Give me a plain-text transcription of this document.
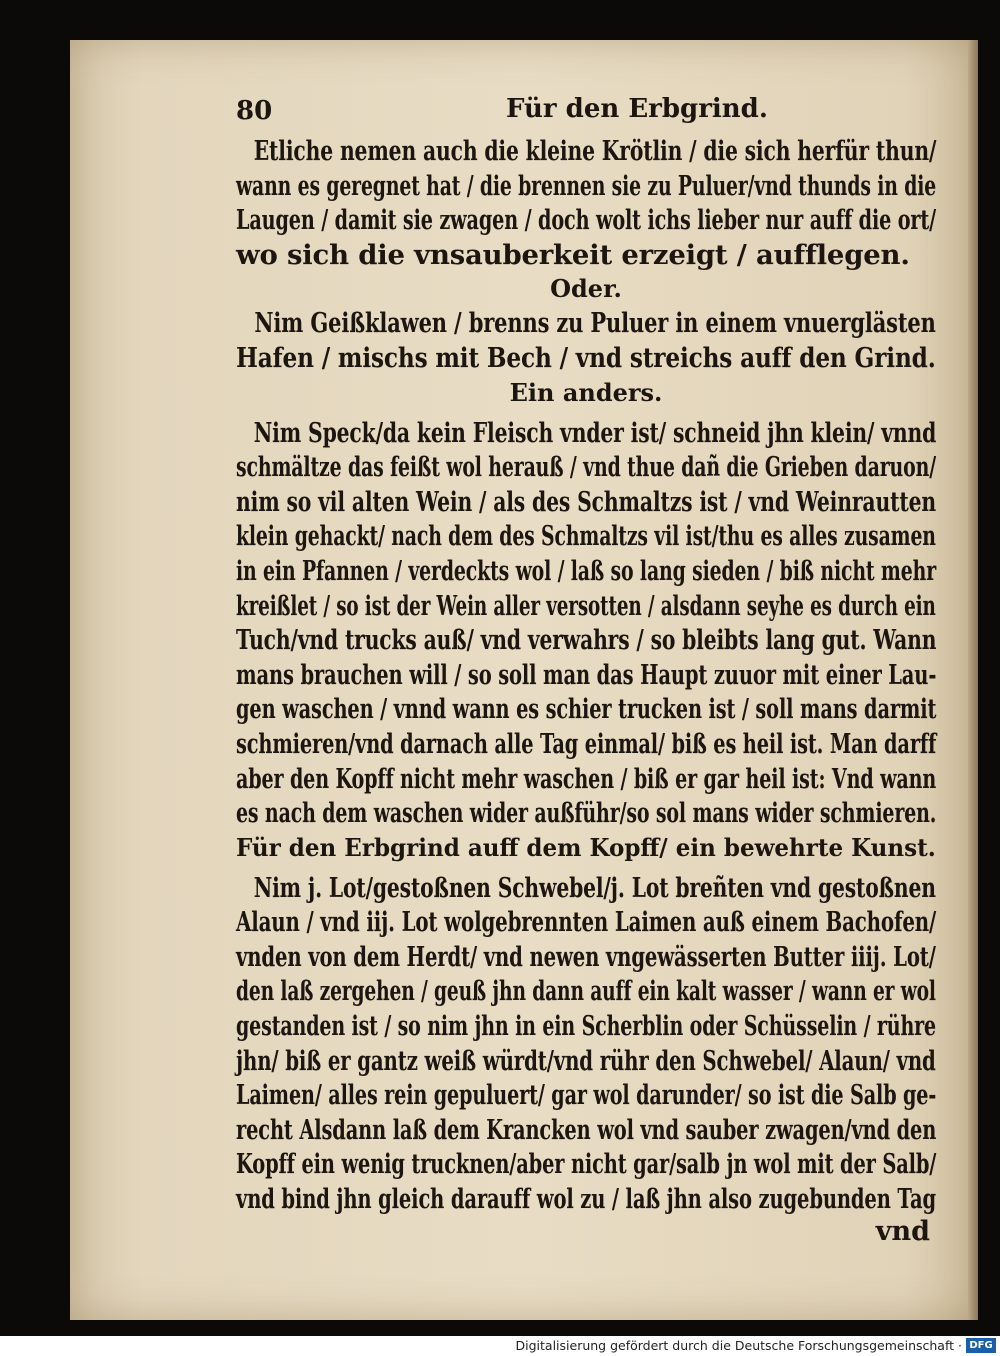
80	Für den Erbgrind.
Etliche nemen auch die kleine Krötlin / die sich herfür thun/
wann es geregnet hat / die brennen sie zu Puluer/vnd thunds in die
Laugen / damit sie zwagen / doch wolt ichs lieber nur auff die ort/
wo sich die vnsauberkeit erzeigt / aufflegen.
Oder.
Nim Geißklawen / brenns zu Puluer in einem vnuerglästen
Hafen / mischs mit Bech / vnd streichs auff den Grind.
Ein anders.
Nim Speck/da kein Fleisch vnder ist/ schneid jhn klein/ vnnd
schmältze das feißt wol herauß / vnd thue dañ die Grieben daruon/
nim so vil alten Wein / als des Schmaltzs ist / vnd Weinrautten
klein gehackt/ nach dem des Schmaltzs vil ist/thu es alles zusamen
in ein Pfannen / verdeckts wol / laß so lang sieden / biß nicht mehr
kreißlet / so ist der Wein aller versotten / alsdann seyhe es durch ein
Tuch/vnd trucks auß/ vnd verwahrs / so bleibts lang gut. Wann
mans brauchen will / so soll man das Haupt zuuor mit einer Lau-
gen waschen / vnnd wann es schier trucken ist / soll mans darmit
schmieren/vnd darnach alle Tag einmal/ biß es heil ist. Man darff
aber den Kopff nicht mehr waschen / biß er gar heil ist: Vnd wann
es nach dem waschen wider außführ/so sol mans wider schmieren.
Für den Erbgrind auff dem Kopff/ ein bewehrte Kunst.
Nim j. Lot/gestoßnen Schwebel/j. Lot breñten vnd gestoßnen
Alaun / vnd iij. Lot wolgebrennten Laimen auß einem Bachofen/
vnden von dem Herdt/ vnd newen vngewässerten Butter iiij. Lot/
den laß zergehen / geuß jhn dann auff ein kalt wasser / wann er wol
gestanden ist / so nim jhn in ein Scherblin oder Schüsselin / rühre
jhn/ biß er gantz weiß würdt/vnd rühr den Schwebel/ Alaun/ vnd
Laimen/ alles rein gepuluert/ gar wol darunder/ so ist die Salb ge-
recht Alsdann laß dem Krancken wol vnd sauber zwagen/vnd den
Kopff ein wenig trucknen/aber nicht gar/salb jn wol mit der Salb/
vnd bind jhn gleich darauff wol zu / laß jhn also zugebunden Tag
vnd
Digitalisierung gefördert durch die Deutsche Forschungsgemeinschaft · DFG
